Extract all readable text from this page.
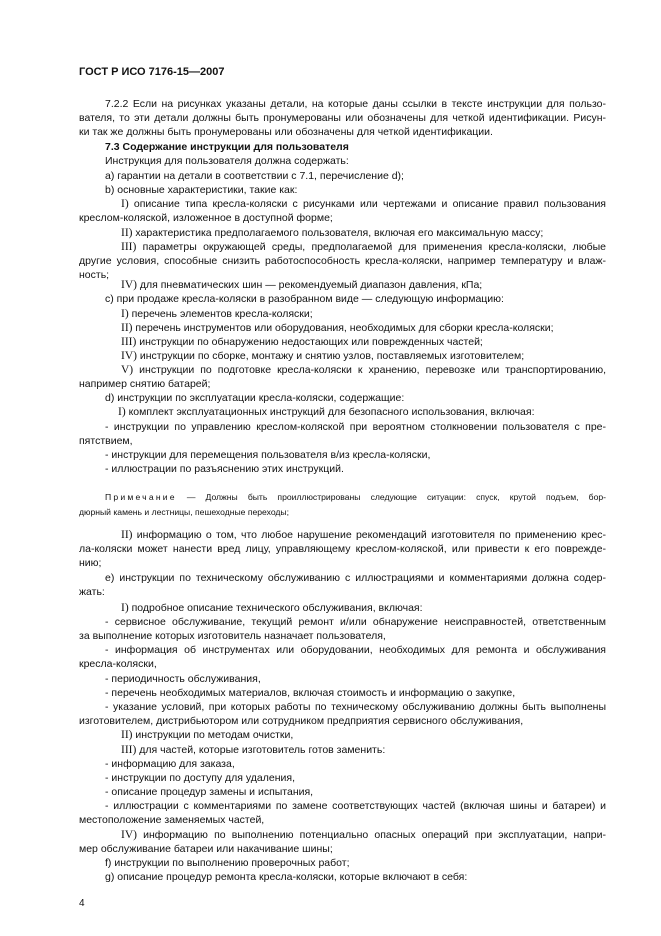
ГОСТ Р ИСО 7176-15—2007
7.2.2 Если на рисунках указаны детали, на которые даны ссылки в тексте инструкции для пользо-
вателя, то эти детали должны быть пронумерованы или обозначены для четкой идентификации. Рисун-
ки так же должны быть пронумерованы или обозначены для четкой идентификации.
7.3 Содержание инструкции для пользователя
Инструкция для пользователя должна содержать:
a) гарантии на детали в соответствии с 7.1, перечисление d);
b) основные характеристики, такие как:
I) описание типа кресла-коляски с рисунками или чертежами и описание правил пользования
креслом-коляской, изложенное в доступной форме;
II) характеристика предполагаемого пользователя, включая его максимальную массу;
III) параметры окружающей среды, предполагаемой для применения кресла-коляски, любые
другие условия, способные снизить работоспособность кресла-коляски, например температуру и влаж-
ность;
IV) для пневматических шин — рекомендуемый диапазон давления, кПа;
c) при продаже кресла-коляски в разобранном виде — следующую информацию:
I) перечень элементов кресла-коляски;
II) перечень инструментов или оборудования, необходимых для сборки кресла-коляски;
III) инструкции по обнаружению недостающих или поврежденных частей;
IV) инструкции по сборке, монтажу и снятию узлов, поставляемых изготовителем;
V) инструкции по подготовке кресла-коляски к хранению, перевозке или транспортированию,
например снятию батарей;
d) инструкции по эксплуатации кресла-коляски, содержащие:
I) комплект эксплуатационных инструкций для безопасного использования, включая:
- инструкции по управлению креслом-коляской при вероятном столкновении пользователя с пре-
пятствием,
- инструкции для перемещения пользователя в/из кресла-коляски,
- иллюстрации по разъяснению этих инструкций.
Примечание — Должны быть проиллюстрированы следующие ситуации: спуск, крутой подъем, бор-
дюрный камень и лестницы, пешеходные переходы;
II) информацию о том, что любое нарушение рекомендаций изготовителя по применению крес-
ла-коляски может нанести вред лицу, управляющему креслом-коляской, или привести к его поврежде-
нию;
e) инструкции по техническому обслуживанию с иллюстрациями и комментариями должна содер-
жать:
I) подробное описание технического обслуживания, включая:
- сервисное обслуживание, текущий ремонт и/или обнаружение неисправностей, ответственным
за выполнение которых изготовитель назначает пользователя,
- информация об инструментах или оборудовании, необходимых для ремонта и обслуживания
кресла-коляски,
- периодичность обслуживания,
- перечень необходимых материалов, включая стоимость и информацию о закупке,
- указание условий, при которых работы по техническому обслуживанию должны быть выполнены
изготовителем, дистрибьютором или сотрудником предприятия сервисного обслуживания,
II) инструкции по методам очистки,
III) для частей, которые изготовитель готов заменить:
- информацию для заказа,
- инструкции по доступу для удаления,
- описание процедур замены и испытания,
- иллюстрации с комментариями по замене соответствующих частей (включая шины и батареи) и
местоположение заменяемых частей,
IV) информацию по выполнению потенциально опасных операций при эксплуатации, напри-
мер обслуживание батареи или накачивание шины;
f) инструкции по выполнению проверочных работ;
g) описание процедур ремонта кресла-коляски, которые включают в себя:
4
